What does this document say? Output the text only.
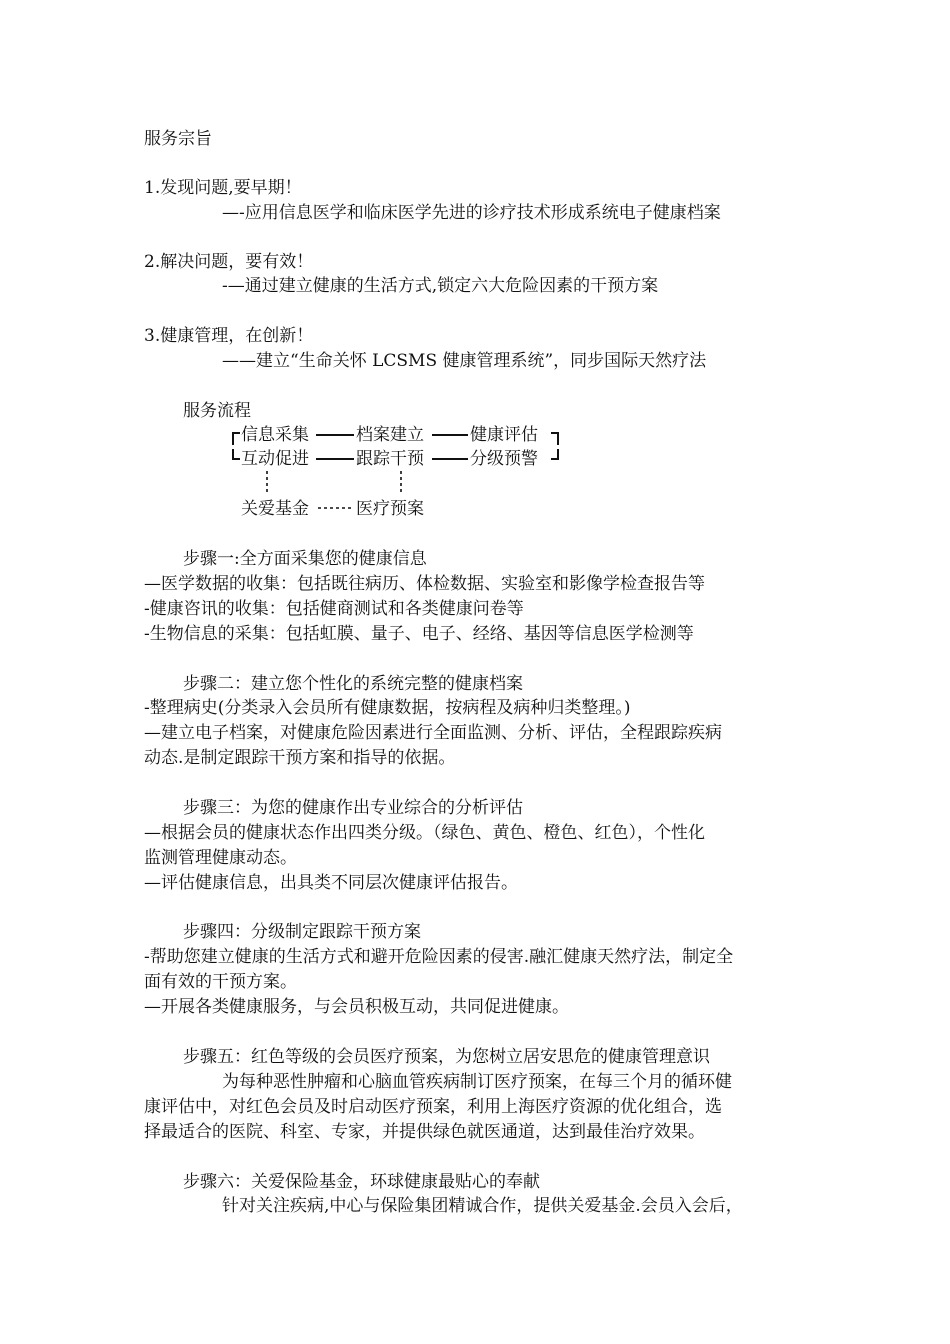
服务宗旨
1.发现问题,要早期！
—-应用信息医学和临床医学先进的诊疗技术形成系统电子健康档案
2.解决问题，要有效！
-—通过建立健康的生活方式,锁定六大危险因素的干预方案
3.健康管理，在创新！
——建立“生命关怀 LCSMS 健康管理系统”，同步国际天然疗法
服务流程
信息采集	档案建立	健康评估
互动促进	跟踪干预	分级预警
关爱基金	医疗预案
步骤一:全方面采集您的健康信息
—医学数据的收集：包括既往病历、体检数据、实验室和影像学检查报告等
-健康咨讯的收集：包括健商测试和各类健康问卷等
-生物信息的采集：包括虹膜、量子、电子、经络、基因等信息医学检测等
步骤二：建立您个性化的系统完整的健康档案
-整理病史(分类录入会员所有健康数据，按病程及病种归类整理。)
—建立电子档案，对健康危险因素进行全面监测、分析、评估，全程跟踪疾病
动态.是制定跟踪干预方案和指导的依据。
步骤三：为您的健康作出专业综合的分析评估
—根据会员的健康状态作出四类分级。（绿色、黄色、橙色、红色），个性化
监测管理健康动态。
—评估健康信息，出具类不同层次健康评估报告。
步骤四：分级制定跟踪干预方案
-帮助您建立健康的生活方式和避开危险因素的侵害.融汇健康天然疗法，制定全
面有效的干预方案。
—开展各类健康服务，与会员积极互动，共同促进健康。
步骤五：红色等级的会员医疗预案，为您树立居安思危的健康管理意识
为每种恶性肿瘤和心脑血管疾病制订医疗预案，在每三个月的循环健
康评估中，对红色会员及时启动医疗预案，利用上海医疗资源的优化组合，选
择最适合的医院、科室、专家，并提供绿色就医通道，达到最佳治疗效果。
步骤六：关爱保险基金，环球健康最贴心的奉献
针对关注疾病,中心与保险集团精诚合作，提供关爱基金.会员入会后，
